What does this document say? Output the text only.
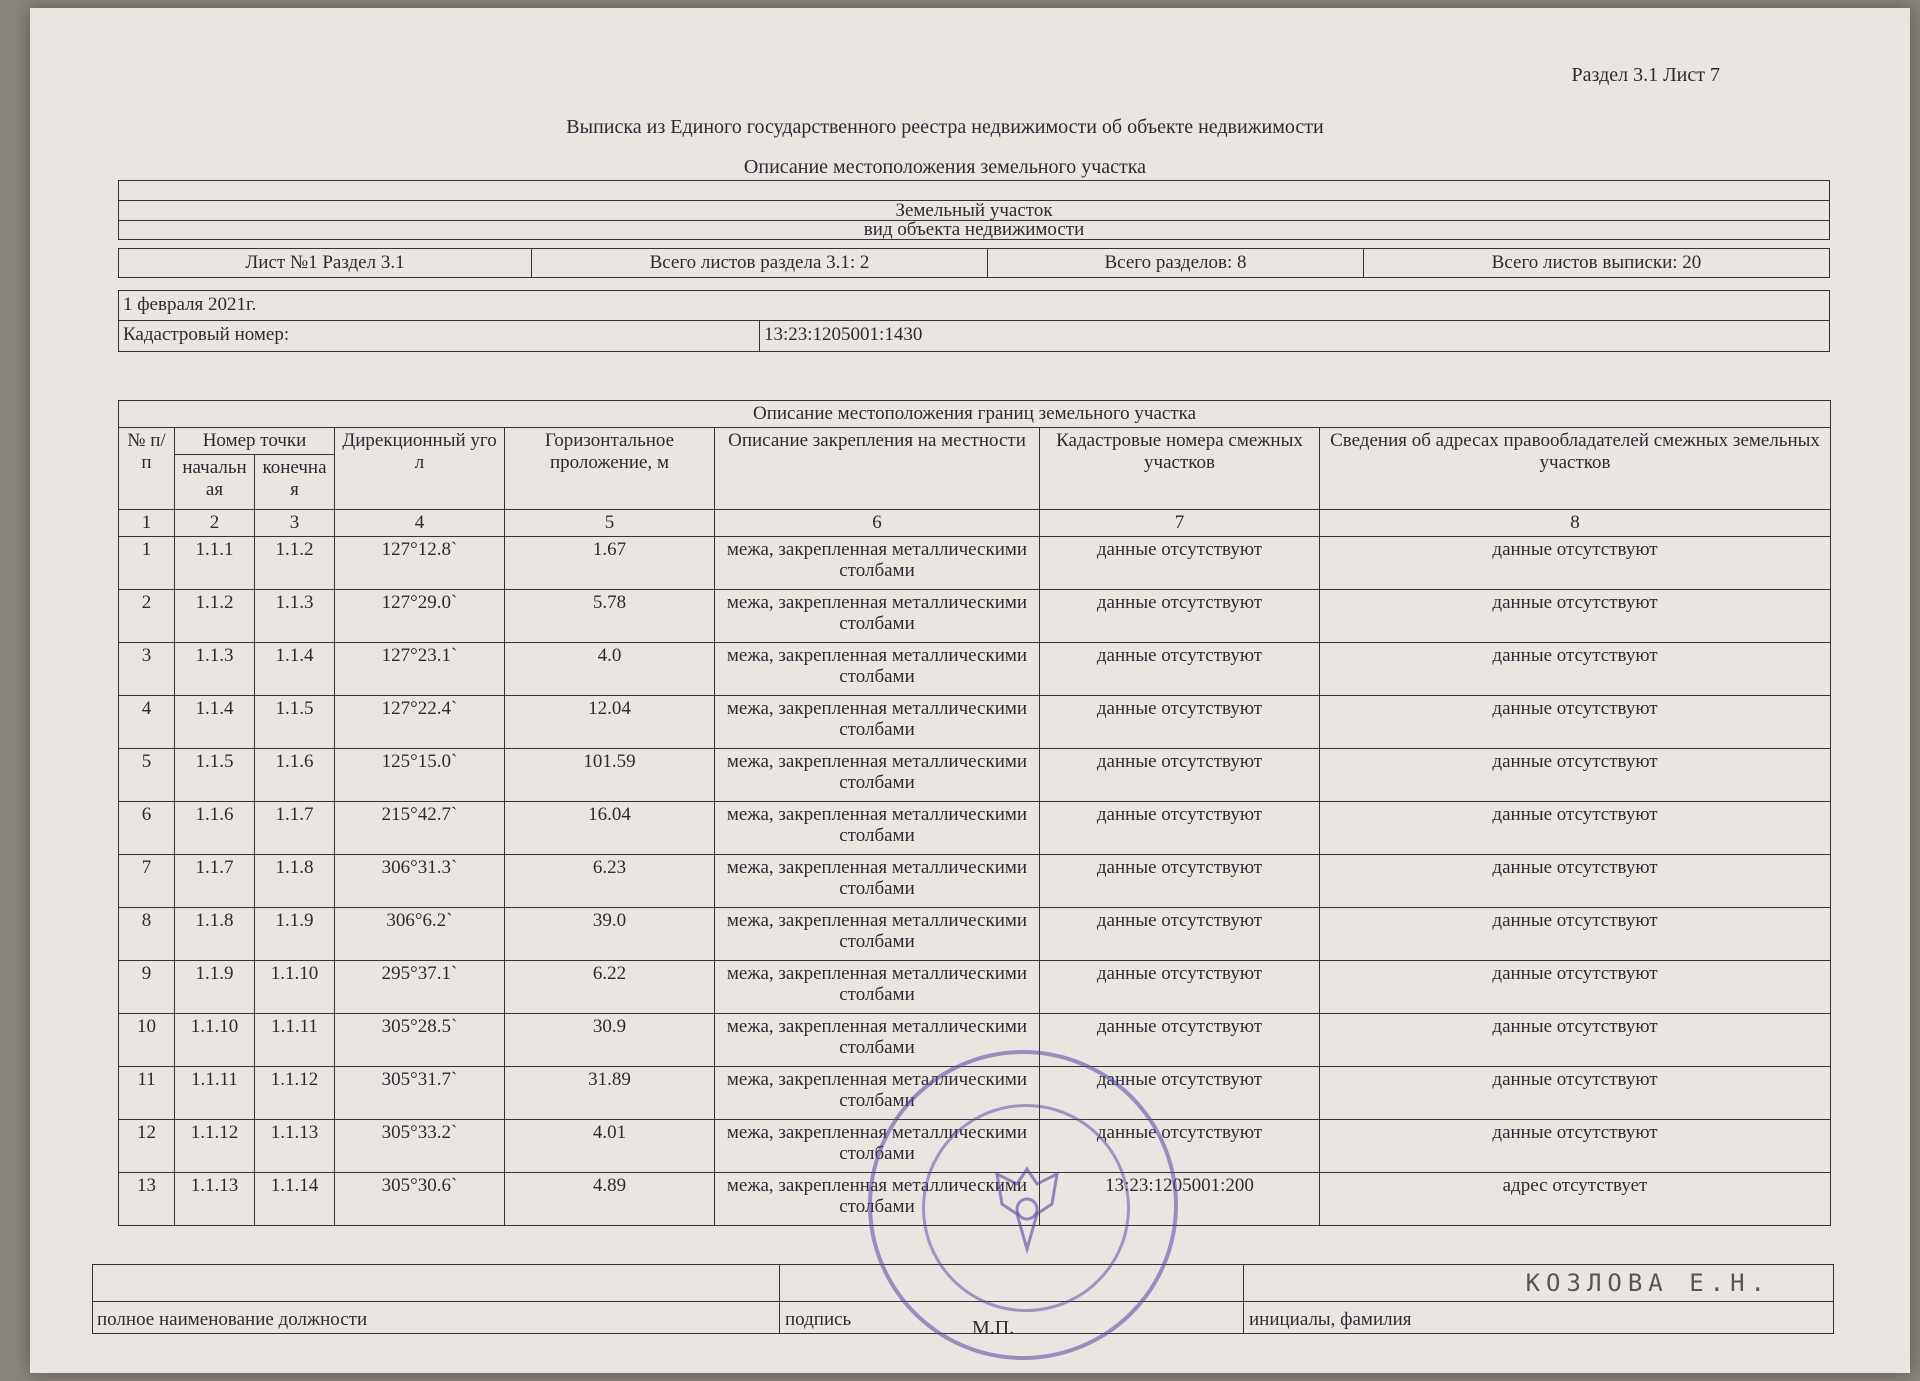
Раздел 3.1 Лист 7
Выписка из Единого государственного реестра недвижимости об объекте недвижимости
Описание местоположения земельного участка
Земельный участок
вид объекта недвижимости
Лист №1 Раздел 3.1	Всего листов раздела 3.1: 2	Всего разделов: 8	Всего листов выписки: 20
1 февраля 2021г.
Кадастровый номер:	13:23:1205001:1430
Описание местоположения границ земельного участка							
№ п/п	Номер точки		Дирекционный угол	Горизонтальное проложение, м	Описание закрепления на местности	Кадастровые номера смежных участков	Сведения об адресах правообладателей смежных земельных участков
	начальная	конечная					
1	2	3	4	5	6	7	8
1	1.1.1	1.1.2	127°12.8`	1.67	межа, закрепленная металлическими столбами	данные отсутствуют	данные отсутствуют
2	1.1.2	1.1.3	127°29.0`	5.78	межа, закрепленная металлическими столбами	данные отсутствуют	данные отсутствуют
3	1.1.3	1.1.4	127°23.1`	4.0	межа, закрепленная металлическими столбами	данные отсутствуют	данные отсутствуют
4	1.1.4	1.1.5	127°22.4`	12.04	межа, закрепленная металлическими столбами	данные отсутствуют	данные отсутствуют
5	1.1.5	1.1.6	125°15.0`	101.59	межа, закрепленная металлическими столбами	данные отсутствуют	данные отсутствуют
6	1.1.6	1.1.7	215°42.7`	16.04	межа, закрепленная металлическими столбами	данные отсутствуют	данные отсутствуют
7	1.1.7	1.1.8	306°31.3`	6.23	межа, закрепленная металлическими столбами	данные отсутствуют	данные отсутствуют
8	1.1.8	1.1.9	306°6.2`	39.0	межа, закрепленная металлическими столбами	данные отсутствуют	данные отсутствуют
9	1.1.9	1.1.10	295°37.1`	6.22	межа, закрепленная металлическими столбами	данные отсутствуют	данные отсутствуют
10	1.1.10	1.1.11	305°28.5`	30.9	межа, закрепленная металлическими столбами	данные отсутствуют	данные отсутствуют
11	1.1.11	1.1.12	305°31.7`	31.89	межа, закрепленная металлическими столбами	данные отсутствуют	данные отсутствуют
12	1.1.12	1.1.13	305°33.2`	4.01	межа, закрепленная металлическими столбами	данные отсутствуют	данные отсутствуют
13	1.1.13	1.1.14	305°30.6`	4.89	межа, закрепленная металлическими столбами	13:23:1205001:200	адрес отсутствует
полное наименование должности	подпись	инициалы, фамилия
КОЗЛОВА Е.Н.
М.П.
